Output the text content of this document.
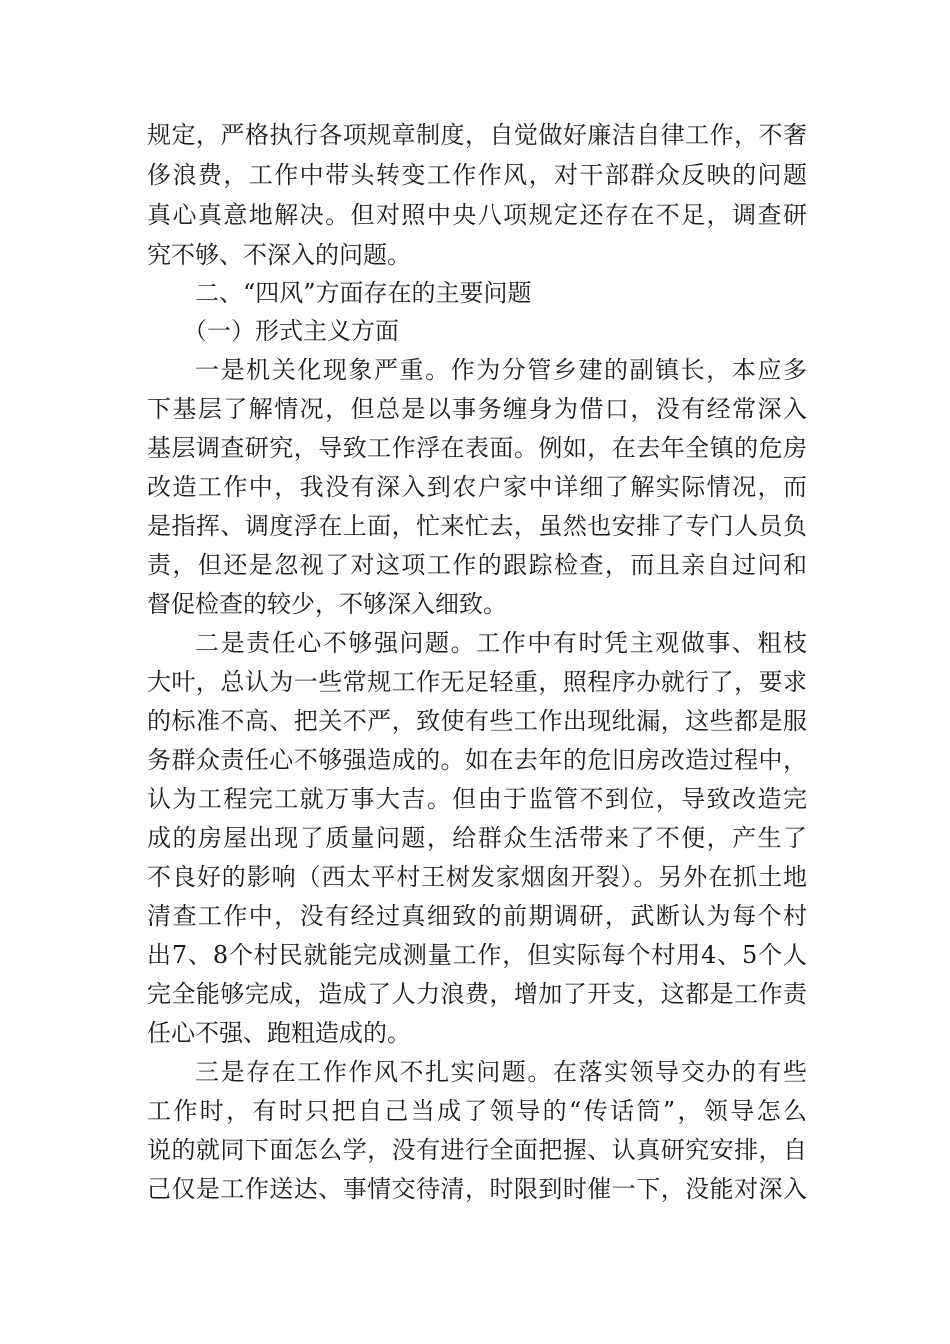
规定，严格执行各项规章制度，自觉做好廉洁自律工作，不奢
侈浪费，工作中带头转变工作作风，对干部群众反映的问题
真心真意地解决。但对照中央八项规定还存在不足，调查研
究不够、不深入的问题。
二、“四风”方面存在的主要问题
（一）形式主义方面
一是机关化现象严重。作为分管乡建的副镇长，本应多
下基层了解情况，但总是以事务缠身为借口，没有经常深入
基层调查研究，导致工作浮在表面。例如，在去年全镇的危房
改造工作中，我没有深入到农户家中详细了解实际情况，而
是指挥、调度浮在上面，忙来忙去，虽然也安排了专门人员负
责，但还是忽视了对这项工作的跟踪检查，而且亲自过问和
督促检查的较少，不够深入细致。
二是责任心不够强问题。工作中有时凭主观做事、粗枝
大叶，总认为一些常规工作无足轻重，照程序办就行了，要求
的标准不高、把关不严，致使有些工作出现纰漏，这些都是服
务群众责任心不够强造成的。如在去年的危旧房改造过程中，
认为工程完工就万事大吉。但由于监管不到位，导致改造完
成的房屋出现了质量问题，给群众生活带来了不便，产生了
不良好的影响（西太平村王树发家烟囱开裂）。另外在抓土地
清查工作中，没有经过真细致的前期调研，武断认为每个村
出7、8个村民就能完成测量工作，但实际每个村用4、5个人
完全能够完成，造成了人力浪费，增加了开支，这都是工作责
任心不强、跑粗造成的。
三是存在工作作风不扎实问题。在落实领导交办的有些
工作时，有时只把自己当成了领导的“传话筒”，领导怎么
说的就同下面怎么学，没有进行全面把握、认真研究安排，自
己仅是工作送达、事情交待清，时限到时催一下，没能对深入
